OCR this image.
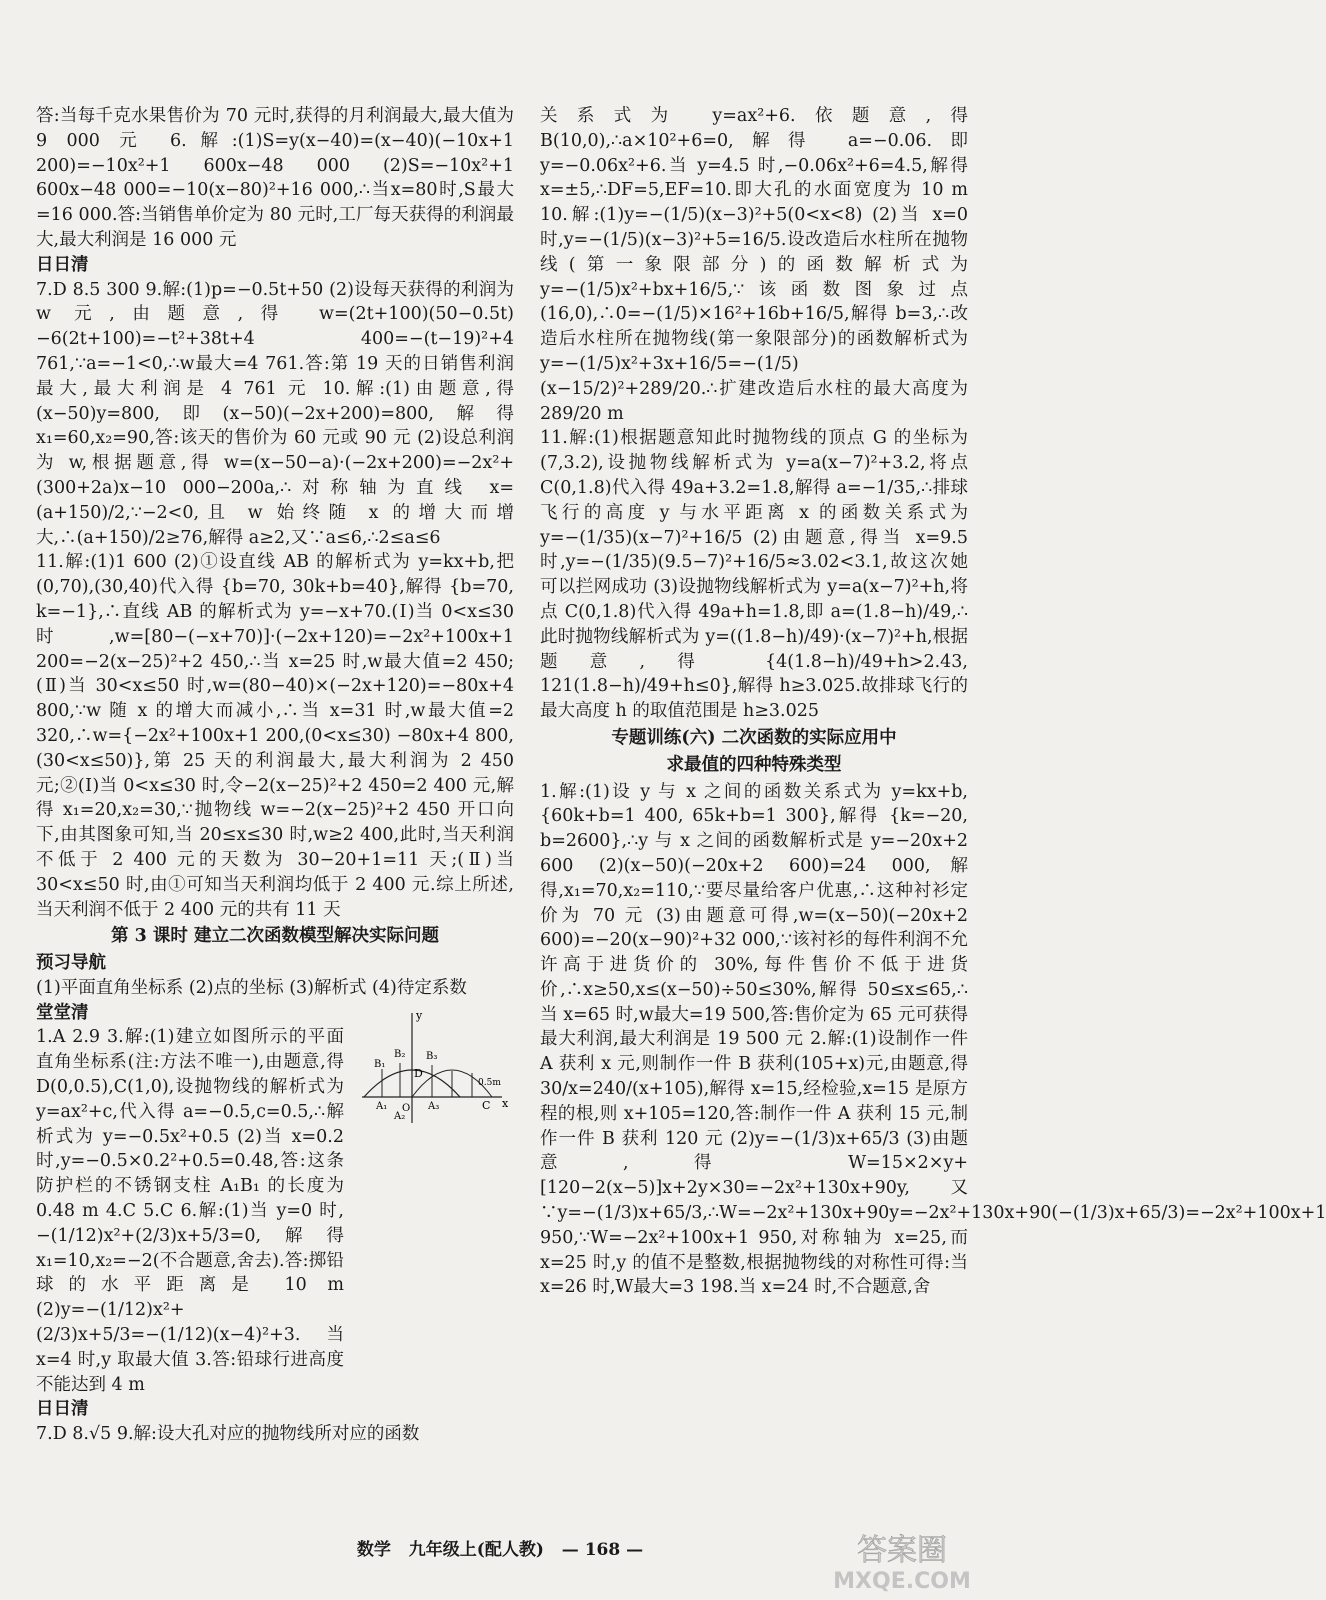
答:当每千克水果售价为 70 元时,获得的月利润最大,最大值为 9 000 元 6.解:(1)S=y(x−40)=(x−40)(−10x+1 200)=−10x²+1 600x−48 000 (2)S=−10x²+1 600x−48 000=−10(x−80)²+16 000,∴当x=80时,S最大=16 000.答:当销售单价定为 80 元时,工厂每天获得的利润最大,最大利润是 16 000 元

日日清

7.D 8.5 300 9.解:(1)p=−0.5t+50 (2)设每天获得的利润为 w 元,由题意,得 w=(2t+100)(50−0.5t)−6(2t+100)=−t²+38t+4 400=−(t−19)²+4 761,∵a=−1<0,∴w最大=4 761.答:第 19 天的日销售利润最大,最大利润是 4 761 元 10.解:(1)由题意,得(x−50)y=800,即(x−50)(−2x+200)=800,解得 x₁=60,x₂=90,答:该天的售价为 60 元或 90 元 (2)设总利润为 w,根据题意,得 w=(x−50−a)·(−2x+200)=−2x²+(300+2a)x−10 000−200a,∴对称轴为直线 x=(a+150)/2,∵−2<0,且 w 始终随 x 的增大而增大,∴(a+150)/2≥76,解得 a≥2,又∵a≤6,∴2≤a≤6

11.解:(1)1 600 (2)①设直线 AB 的解析式为 y=kx+b,把(0,70),(30,40)代入得 {b=70, 30k+b=40},解得 {b=70, k=−1},∴直线 AB 的解析式为 y=−x+70.(Ⅰ)当 0<x≤30 时,w=[80−(−x+70)]·(−2x+120)=−2x²+100x+1 200=−2(x−25)²+2 450,∴当 x=25 时,w最大值=2 450;(Ⅱ)当 30<x≤50 时,w=(80−40)×(−2x+120)=−80x+4 800,∵w 随 x 的增大而减小,∴当 x=31 时,w最大值=2 320,∴w={−2x²+100x+1 200,(0<x≤30) −80x+4 800,(30<x≤50)},第 25 天的利润最大,最大利润为 2 450 元;②(Ⅰ)当 0<x≤30 时,令−2(x−25)²+2 450=2 400 元,解得 x₁=20,x₂=30,∵抛物线 w=−2(x−25)²+2 450 开口向下,由其图象可知,当 20≤x≤30 时,w≥2 400,此时,当天利润不低于 2 400 元的天数为 30−20+1=11 天;(Ⅱ)当 30<x≤50 时,由①可知当天利润均低于 2 400 元.综上所述,当天利润不低于 2 400 元的共有 11 天

第 3 课时 建立二次函数模型解决实际问题

预习导航

(1)平面直角坐标系 (2)点的坐标 (3)解析式 (4)待定系数

堂堂清

1.A 2.9 3.解:(1)建立如图所示的平面直角坐标系(注:方法不唯一),由题意,得 D(0,0.5),C(1,0),设抛物线的解析式为 y=ax²+c,代入得 a=−0.5,c=0.5,∴解析式为 y=−0.5x²+0.5 (2)当 x=0.2 时,y=−0.5×0.2²+0.5=0.48,答:这条防护栏的不锈钢支柱 A₁B₁ 的长度为 0.48 m 4.C 5.C 6.解:(1)当 y=0 时,−(1/12)x²+(2/3)x+5/3=0,解得 x₁=10,x₂=−2(不合题意,舍去).答:掷铅球的水平距离是 10 m (2)y=−(1/12)x²+(2/3)x+5/3=−(1/12)(x−4)²+3.当 x=4 时,y 取最大值 3.答:铅球行进高度不能达到 4 m

日日清

7.D 8.√5 9.解:设大孔对应的抛物线所对应的函数

y
x
D
C
O
B₁
B₂ B₃
A₁
A₂
A₃
0.5m

关系式为 y=ax²+6.依题意,得 B(10,0),∴a×10²+6=0,解得 a=−0.06.即 y=−0.06x²+6.当 y=4.5 时,−0.06x²+6=4.5,解得 x=±5,∴DF=5,EF=10.即大孔的水面宽度为 10 m 10.解:(1)y=−(1/5)(x−3)²+5(0<x<8) (2)当 x=0 时,y=−(1/5)(x−3)²+5=16/5.设改造后水柱所在抛物线(第一象限部分)的函数解析式为 y=−(1/5)x²+bx+16/5,∵该函数图象过点(16,0),∴0=−(1/5)×16²+16b+16/5,解得 b=3,∴改造后水柱所在抛物线(第一象限部分)的函数解析式为 y=−(1/5)x²+3x+16/5=−(1/5)(x−15/2)²+289/20.∴扩建改造后水柱的最大高度为 289/20 m

11.解:(1)根据题意知此时抛物线的顶点 G 的坐标为(7,3.2),设抛物线解析式为 y=a(x−7)²+3.2,将点 C(0,1.8)代入得 49a+3.2=1.8,解得 a=−1/35,∴排球飞行的高度 y 与水平距离 x 的函数关系式为 y=−(1/35)(x−7)²+16/5 (2)由题意,得当 x=9.5 时,y=−(1/35)(9.5−7)²+16/5≈3.02<3.1,故这次她可以拦网成功 (3)设抛物线解析式为 y=a(x−7)²+h,将点 C(0,1.8)代入得 49a+h=1.8,即 a=(1.8−h)/49,∴此时抛物线解析式为 y=((1.8−h)/49)·(x−7)²+h,根据题意,得 {4(1.8−h)/49+h>2.43, 121(1.8−h)/49+h≤0},解得 h≥3.025.故排球飞行的最大高度 h 的取值范围是 h≥3.025

专题训练(六) 二次函数的实际应用中

求最值的四种特殊类型

1.解:(1)设 y 与 x 之间的函数关系式为 y=kx+b,{60k+b=1 400, 65k+b=1 300},解得 {k=−20, b=2600},∴y 与 x 之间的函数解析式是 y=−20x+2 600 (2)(x−50)(−20x+2 600)=24 000,解得,x₁=70,x₂=110,∵要尽量给客户优惠,∴这种衬衫定价为 70 元 (3)由题意可得,w=(x−50)(−20x+2 600)=−20(x−90)²+32 000,∵该衬衫的每件利润不允许高于进货价的 30%,每件售价不低于进货价,∴x≥50,x≤(x−50)÷50≤30%,解得 50≤x≤65,∴当 x=65 时,w最大=19 500,答:售价定为 65 元可获得最大利润,最大利润是 19 500 元 2.解:(1)设制作一件 A 获利 x 元,则制作一件 B 获利(105+x)元,由题意,得 30/x=240/(x+105),解得 x=15,经检验,x=15 是原方程的根,则 x+105=120,答:制作一件 A 获利 15 元,制作一件 B 获利 120 元 (2)y=−(1/3)x+65/3 (3)由题意,得 W=15×2×y+[120−2(x−5)]x+2y×30=−2x²+130x+90y,又∵y=−(1/3)x+65/3,∴W=−2x²+130x+90y=−2x²+130x+90(−(1/3)x+65/3)=−2x²+100x+1 950,∵W=−2x²+100x+1 950,对称轴为 x=25,而 x=25 时,y 的值不是整数,根据抛物线的对称性可得:当 x=26 时,W最大=3 198.当 x=24 时,不合题意,舍

数学 九年级上(配人教) — 168 —	答案圈
MXQE.COM
